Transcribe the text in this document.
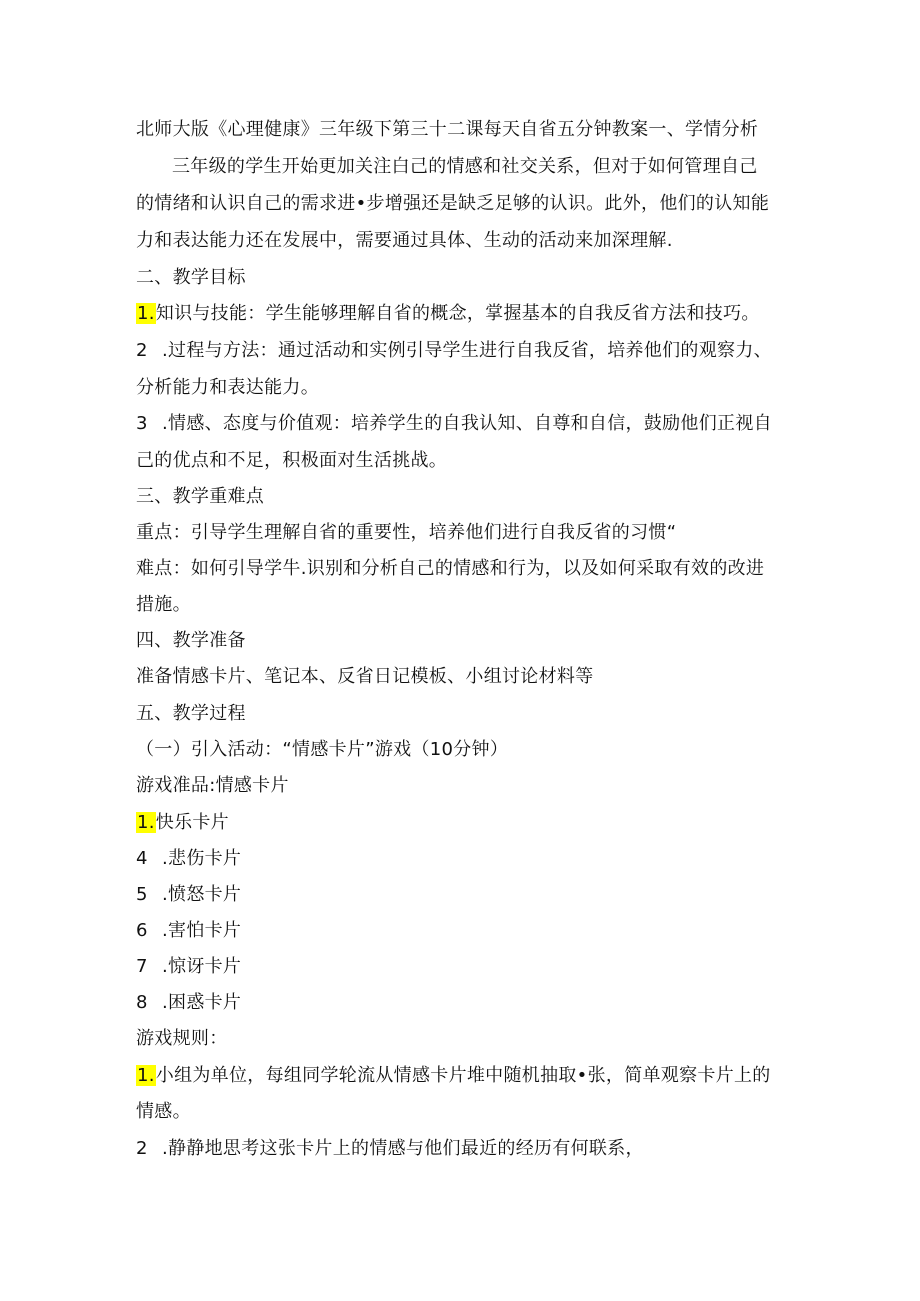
北师大版《心理健康》三年级下第三十二课每天自省五分钟教案一、学情分析
三年级的学生开始更加关注白己的情感和社交关系，但对于如何管理自己
的情绪和认识自己的需求进•步增强还是缺乏足够的认识。此外，他们的认知能
力和表达能力还在发展中，需要通过具体、生动的活动来加深理解.
二、教学目标
1.知识与技能：学生能够理解自省的概念，掌握基本的自我反省方法和技巧。
2 .过程与方法：通过活动和实例引导学生进行自我反省，培养他们的观察力、
分析能力和表达能力。
3 .情感、态度与价值观：培养学生的自我认知、自尊和自信，鼓励他们正视自
己的优点和不足，积极面对生活挑战。
三、教学重难点
重点：引导学生理解自省的重要性，培养他们进行自我反省的习惯“
难点：如何引导学牛.识别和分析自己的情感和行为，以及如何采取有效的改进
措施。
四、教学准备
准备情感卡片、笔记本、反省日记模板、小组讨论材料等
五、教学过程
（一）引入活动：“情感卡片”游戏（10分钟）
游戏准品:情感卡片
1.快乐卡片
4 .悲伤卡片
5 .愤怒卡片
6 .害怕卡片
7 .惊讶卡片
8 .困惑卡片
游戏规则：
1.小组为单位，每组同学轮流从情感卡片堆中随机抽取•张，简单观察卡片上的
情感。
2 .静静地思考这张卡片上的情感与他们最近的经历有何联系，
